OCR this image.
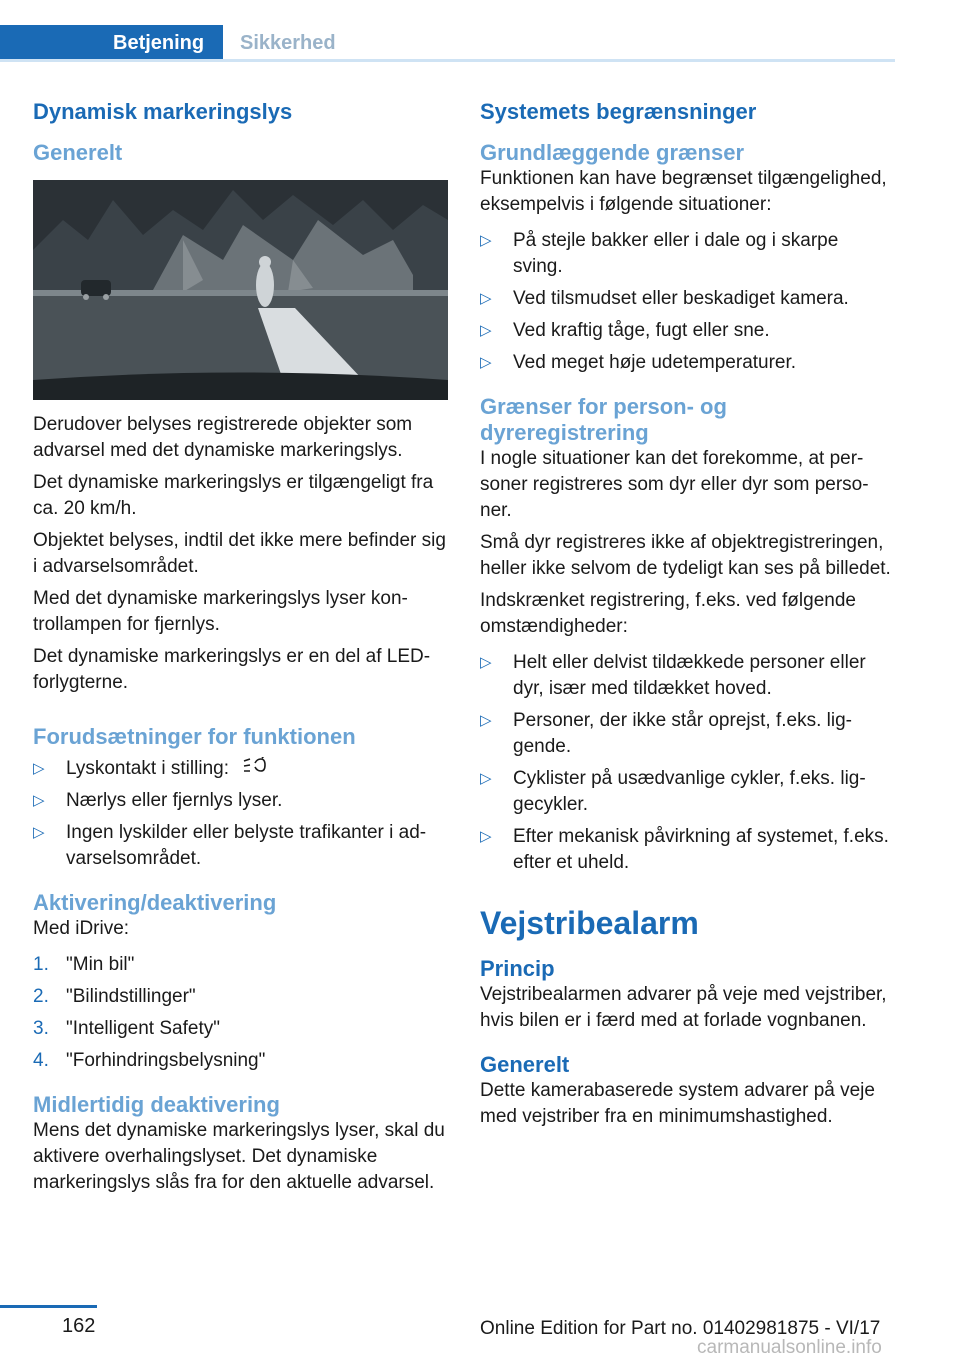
Betjening	Sikkerhed
Dynamisk markeringslys
Generelt

Derudover belyses registrerede objekter som advarsel med det dynamiske markeringslys.

Det dynamiske markeringslys er tilgængeligt fra ca. 20 km/h.

Objektet belyses, indtil det ikke mere befinder sig i advarselsområdet.

Med det dynamiske markeringslys lyser kontrollampen for fjernlys.

Det dynamiske markeringslys er en del af LED-forlygterne.

Forudsætninger for funktionen
▷ Lyskontakt i stilling:
▷ Nærlys eller fjernlys lyser.
▷ Ingen lyskilder eller belyste trafikanter i advarselsområdet.
Aktivering/deaktivering

Med iDrive:

1. "Min bil"
2. "Bilindstillinger"
3. "Intelligent Safety"
4. "Forhindringsbelysning"
Midlertidig deaktivering

Mens det dynamiske markeringslys lyser, skal du aktivere overhalingslyset. Det dynamiske markeringslys slås fra for den aktuelle advarsel.

Systemets begrænsninger
Grundlæggende grænser

Funktionen kan have begrænset tilgængelighed, eksempelvis i følgende situationer:

▷ På stejle bakker eller i dale og i skarpe sving.
▷ Ved tilsmudset eller beskadiget kamera.
▷ Ved kraftig tåge, fugt eller sne.
▷ Ved meget høje udetemperaturer.
Grænser for person- og dyreregistrering

I nogle situationer kan det forekomme, at personer registreres som dyr eller dyr som personer.

Små dyr registreres ikke af objektregistreringen, heller ikke selvom de tydeligt kan ses på billedet.

Indskrænket registrering, f.eks. ved følgende omstændigheder:

▷ Helt eller delvist tildækkede personer eller dyr, især med tildækket hoved.
▷ Personer, der ikke står oprejst, f.eks. liggende.
▷ Cyklister på usædvanlige cykler, f.eks. liggecykler.
▷ Efter mekanisk påvirkning af systemet, f.eks. efter et uheld.
Vejstribealarm
Princip

Vejstribealarmen advarer på veje med vejstriber, hvis bilen er i færd med at forlade vognbanen.

Generelt

Dette kamerabaserede system advarer på veje med vejstriber fra en minimumshastighed.

162	Online Edition for Part no. 01402981875 - VI/17
carmanualsonline.info
